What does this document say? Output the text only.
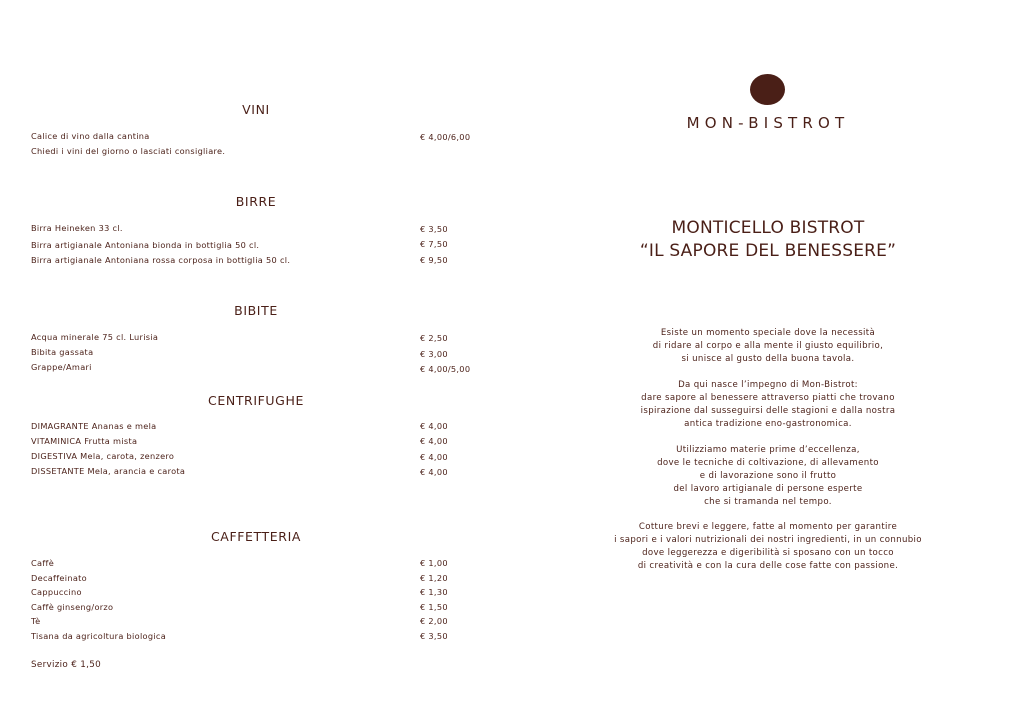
VINI
Calice di vino dalla cantina	€ 4,00/6,00
Chiedi i vini del giorno o lasciati consigliare.
BIRRE
Birra Heineken 33 cl.	€ 3,50
Birra artigianale Antoniana bionda in bottiglia 50 cl.	€ 7,50
Birra artigianale Antoniana rossa corposa in bottiglia 50 cl.	€ 9,50
BIBITE
Acqua minerale 75 cl. Lurisia	€ 2,50
Bibita gassata	€ 3,00
Grappe/Amari	€ 4,00/5,00
CENTRIFUGHE
DIMAGRANTE Ananas e mela	€ 4,00
VITAMINICA Frutta mista	€ 4,00
DIGESTIVA Mela, carota, zenzero	€ 4,00
DISSETANTE Mela, arancia e carota	€ 4,00
CAFFETTERIA
Caffè	€ 1,00
Decaffeinato	€ 1,20
Cappuccino	€ 1,30
Caffè ginseng/orzo	€ 1,50
Tè	€ 2,00
Tisana da agricoltura biologica	€ 3,50
Servizio € 1,50
MON-BISTROT
MONTICELLO BISTROT
“IL SAPORE DEL BENESSERE”
Esiste un momento speciale dove la necessità
di ridare al corpo e alla mente il giusto equilibrio,
si unisce al gusto della buona tavola.
Da qui nasce l’impegno di Mon-Bistrot:
dare sapore al benessere attraverso piatti che trovano
ispirazione dal susseguirsi delle stagioni e dalla nostra
antica tradizione eno-gastronomica.
Utilizziamo materie prime d’eccellenza,
dove le tecniche di coltivazione, di allevamento
e di lavorazione sono il frutto
del lavoro artigianale di persone esperte
che si tramanda nel tempo.
Cotture brevi e leggere, fatte al momento per garantire
i sapori e i valori nutrizionali dei nostri ingredienti, in un connubio
dove leggerezza e digeribilità si sposano con un tocco
di creatività e con la cura delle cose fatte con passione.
